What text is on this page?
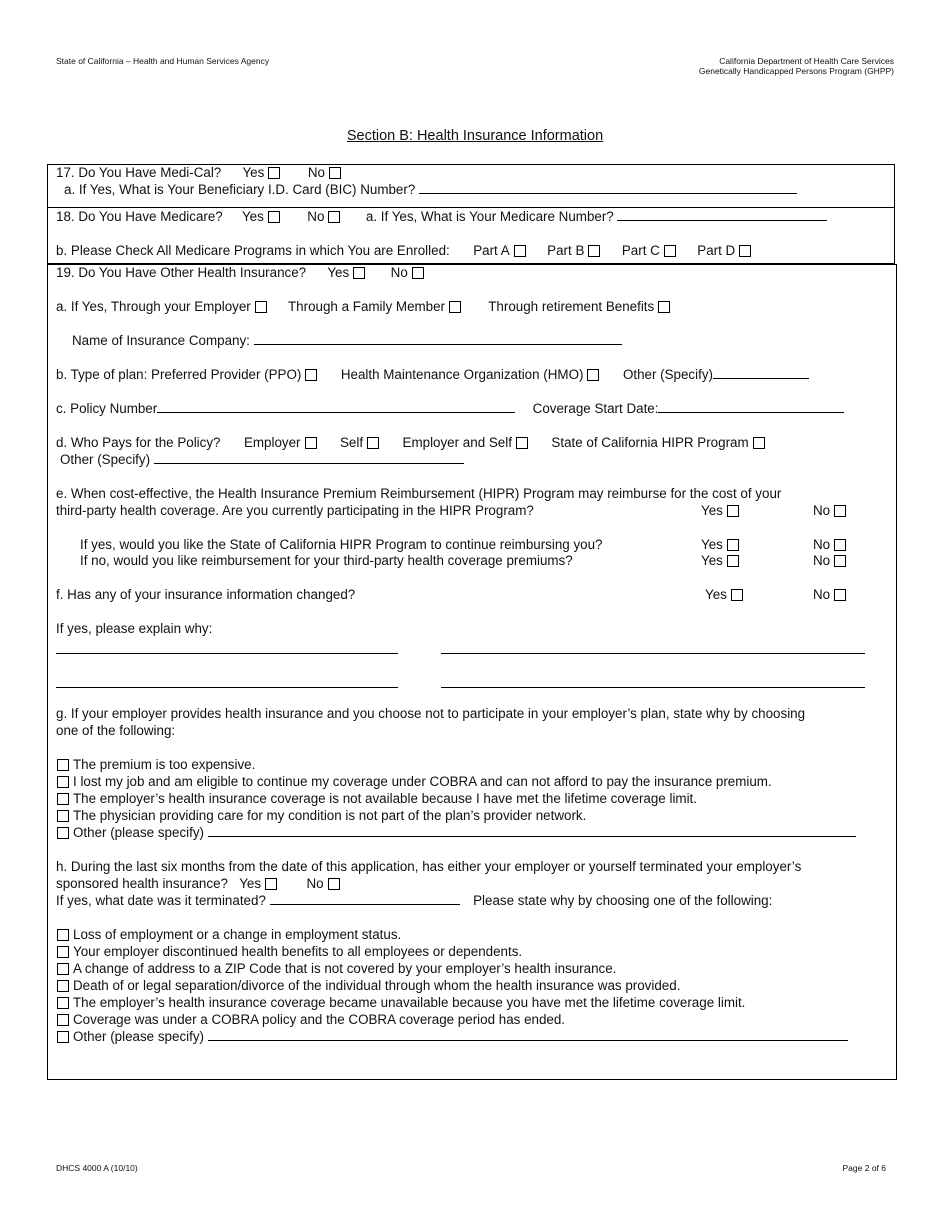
State of California – Health and Human Services Agency	California Department of Health Care Services
Genetically Handicapped Persons Program (GHPP)
Section B: Health Insurance Information
17. Do You Have Medi-Cal? Yes	No
a. If Yes, What is Your Beneficiary I.D. Card (BIC) Number?
18. Do You Have Medicare? Yes	No	a. If Yes, What is Your Medicare Number?
b. Please Check All Medicare Programs in which You are Enrolled: Part A	Part B	Part C	Part D
19. Do You Have Other Health Insurance? Yes	No
a. If Yes, Through your Employer	Through a Family Member	Through retirement Benefits
Name of Insurance Company:
b. Type of plan: Preferred Provider (PPO)	Health Maintenance Organization (HMO)	Other (Specify)
c. Policy Number	Coverage Start Date:
d. Who Pays for the Policy? Employer	Self	Employer and Self	State of California HIPR Program
Other (Specify)
e. When cost-effective, the Health Insurance Premium Reimbursement (HIPR) Program may reimburse for the cost of your
third-party health coverage. Are you currently participating in the HIPR Program?	Yes	No
If yes, would you like the State of California HIPR Program to continue reimbursing you?	Yes	No
If no, would you like reimbursement for your third-party health coverage premiums?	Yes	No
f. Has any of your insurance information changed?	Yes	No
If yes, please explain why:
g. If your employer provides health insurance and you choose not to participate in your employer’s plan, state why by choosing
one of the following:
The premium is too expensive.
I lost my job and am eligible to continue my coverage under COBRA and can not afford to pay the insurance premium.
The employer’s health insurance coverage is not available because I have met the lifetime coverage limit.
The physician providing care for my condition is not part of the plan’s provider network.
Other (please specify)
h. During the last six months from the date of this application, has either your employer or yourself terminated your employer’s
sponsored health insurance? Yes	No
If yes, what date was it terminated?	Please state why by choosing one of the following:
Loss of employment or a change in employment status.
Your employer discontinued health benefits to all employees or dependents.
A change of address to a ZIP Code that is not covered by your employer’s health insurance.
Death of or legal separation/divorce of the individual through whom the health insurance was provided.
The employer’s health insurance coverage became unavailable because you have met the lifetime coverage limit.
Coverage was under a COBRA policy and the COBRA coverage period has ended.
Other (please specify)
DHCS 4000 A (10/10)	Page 2 of 6
